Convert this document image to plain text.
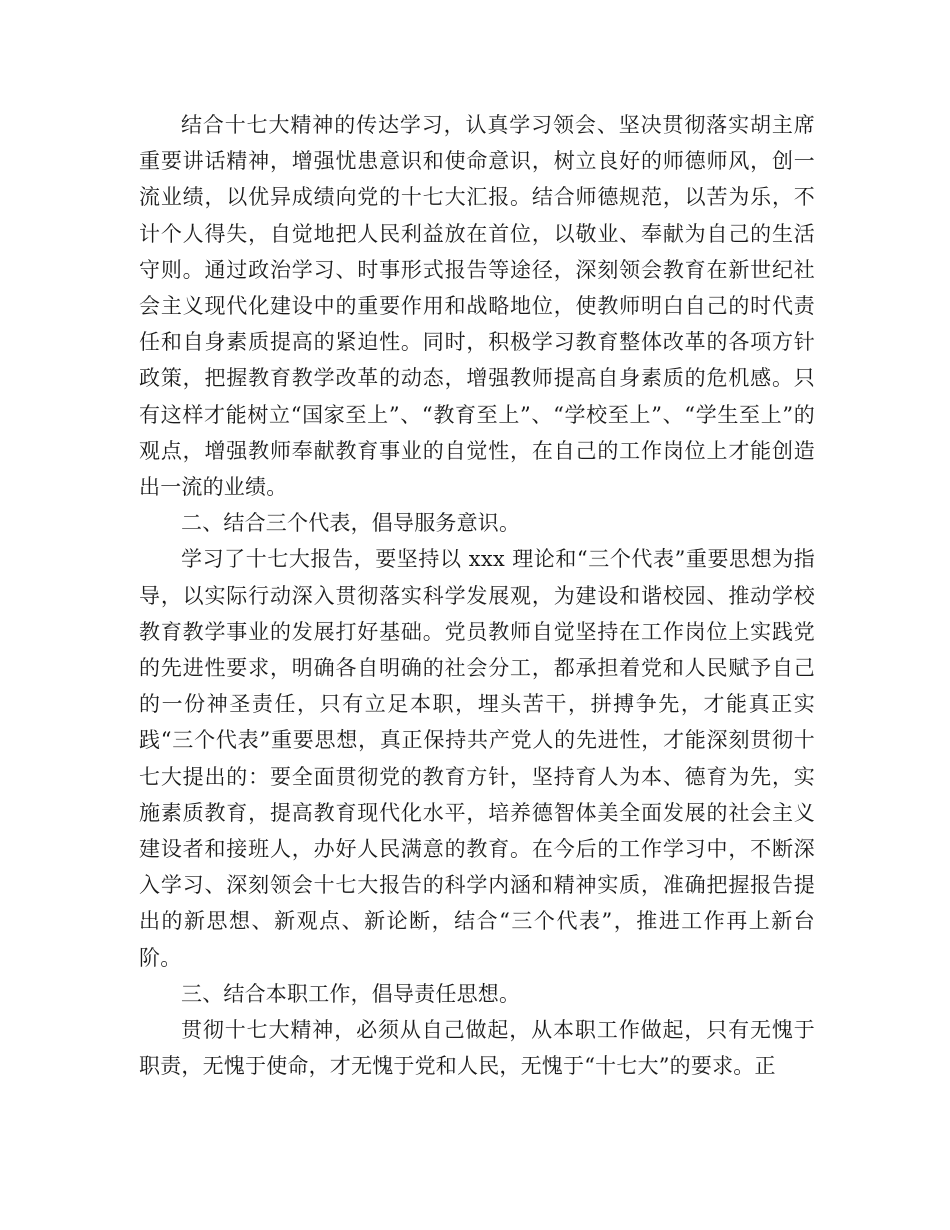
结合十七大精神的传达学习，认真学习领会、坚决贯彻落实胡主席重要讲话精神，增强忧患意识和使命意识，树立良好的师德师风，创一流业绩，以优异成绩向党的十七大汇报。结合师德规范，以苦为乐，不计个人得失，自觉地把人民利益放在首位，以敬业、奉献为自己的生活守则。通过政治学习、时事形式报告等途径，深刻领会教育在新世纪社会主义现代化建设中的重要作用和战略地位，使教师明白自己的时代责任和自身素质提高的紧迫性。同时，积极学习教育整体改革的各项方针政策，把握教育教学改革的动态，增强教师提高自身素质的危机感。只有这样才能树立“国家至上”、“教育至上”、“学校至上”、“学生至上”的观点，增强教师奉献教育事业的自觉性，在自己的工作岗位上才能创造出一流的业绩。

二、结合三个代表，倡导服务意识。

学习了十七大报告，要坚持以 xxx 理论和“三个代表”重要思想为指导，以实际行动深入贯彻落实科学发展观，为建设和谐校园、推动学校教育教学事业的发展打好基础。党员教师自觉坚持在工作岗位上实践党的先进性要求，明确各自明确的社会分工，都承担着党和人民赋予自己的一份神圣责任，只有立足本职，埋头苦干，拼搏争先，才能真正实践“三个代表”重要思想，真正保持共产党人的先进性，才能深刻贯彻十七大提出的：要全面贯彻党的教育方针，坚持育人为本、德育为先，实施素质教育，提高教育现代化水平，培养德智体美全面发展的社会主义建设者和接班人，办好人民满意的教育。在今后的工作学习中，不断深入学习、深刻领会十七大报告的科学内涵和精神实质，准确把握报告提出的新思想、新观点、新论断，结合“三个代表”，推进工作再上新台阶。

三、结合本职工作，倡导责任思想。

贯彻十七大精神，必须从自己做起，从本职工作做起，只有无愧于职责，无愧于使命，才无愧于党和人民，无愧于“十七大”的要求。正
